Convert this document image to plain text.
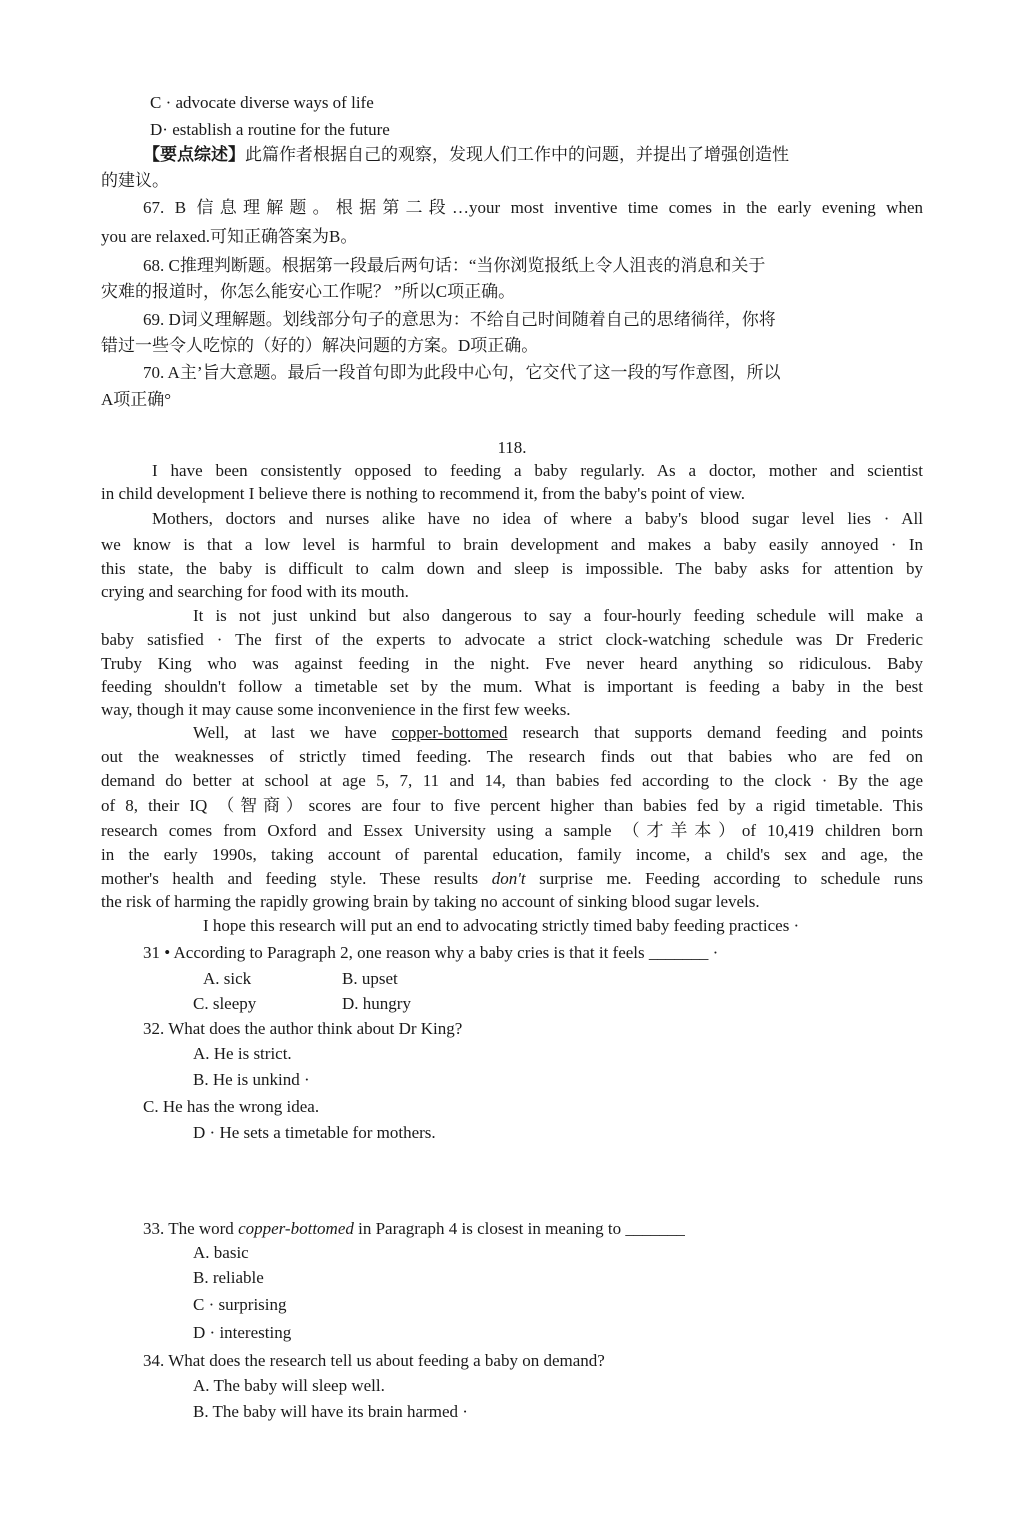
C · advocate diverse ways of life
D· establish a routine for the future
【要点综述】此篇作者根据自己的观察，发现人们工作中的问题，并提出了增强创造性
的建议。
67. B 信息理解题。根据第二段…your most inventive time comes in the early evening when
you are relaxed.可知正确答案为B。
68. C推理判断题。根据第一段最后两句话：“当你浏览报纸上令人沮丧的消息和关于
灾难的报道时，你怎么能安心工作呢？ ”所以C项正确。
69. D词义理解题。划线部分句子的意思为：不给自己时间随着自己的思绪徜徉，你将
错过一些令人吃惊的（好的）解决问题的方案。D项正确。
70. A主’旨大意题。最后一段首句即为此段中心句，它交代了这一段的写作意图，所以
A项正确°
118.
I have been consistently opposed to feeding a baby regularly. As a doctor, mother and scientist
in child development I believe there is nothing to recommend it, from the baby's point of view.
Mothers, doctors and nurses alike have no idea of where a baby's blood sugar level lies · All
we know is that a low level is harmful to brain development and makes a baby easily annoyed · In
this state, the baby is difficult to calm down and sleep is impossible. The baby asks for attention by
crying and searching for food with its mouth.
It is not just unkind but also dangerous to say a four-hourly feeding schedule will make a
baby satisfied · The first of the experts to advocate a strict clock-watching schedule was Dr Frederic
Truby King who was against feeding in the night. Fve never heard anything so ridiculous. Baby
feeding shouldn't follow a timetable set by the mum. What is important is feeding a baby in the best
way, though it may cause some inconvenience in the first few weeks.
Well, at last we have copper-bottomed research that supports demand feeding and points
out the weaknesses of strictly timed feeding. The research finds out that babies who are fed on
demand do better at school at age 5, 7, 11 and 14, than babies fed according to the clock · By the age
of 8, their IQ （智商）scores are four to five percent higher than babies fed by a rigid timetable. This
research comes from Oxford and Essex University using a sample （才羊本）of 10,419 children born
in the early 1990s, taking account of parental education, family income, a child's sex and age, the
mother's health and feeding style. These results don't surprise me. Feeding according to schedule runs
the risk of harming the rapidly growing brain by taking no account of sinking blood sugar levels.
I hope this research will put an end to advocating strictly timed baby feeding practices ·
31 • According to Paragraph 2, one reason why a baby cries is that it feels _______ ·
A. sick	B. upset
C. sleepy	D. hungry
32. What does the author think about Dr King?
A. He is strict.
B. He is unkind ·
C. He has the wrong idea.
D · He sets a timetable for mothers.
33. The word copper-bottomed in Paragraph 4 is closest in meaning to _______
A. basic
B. reliable
C · surprising
D · interesting
34. What does the research tell us about feeding a baby on demand?
A. The baby will sleep well.
B. The baby will have its brain harmed ·
